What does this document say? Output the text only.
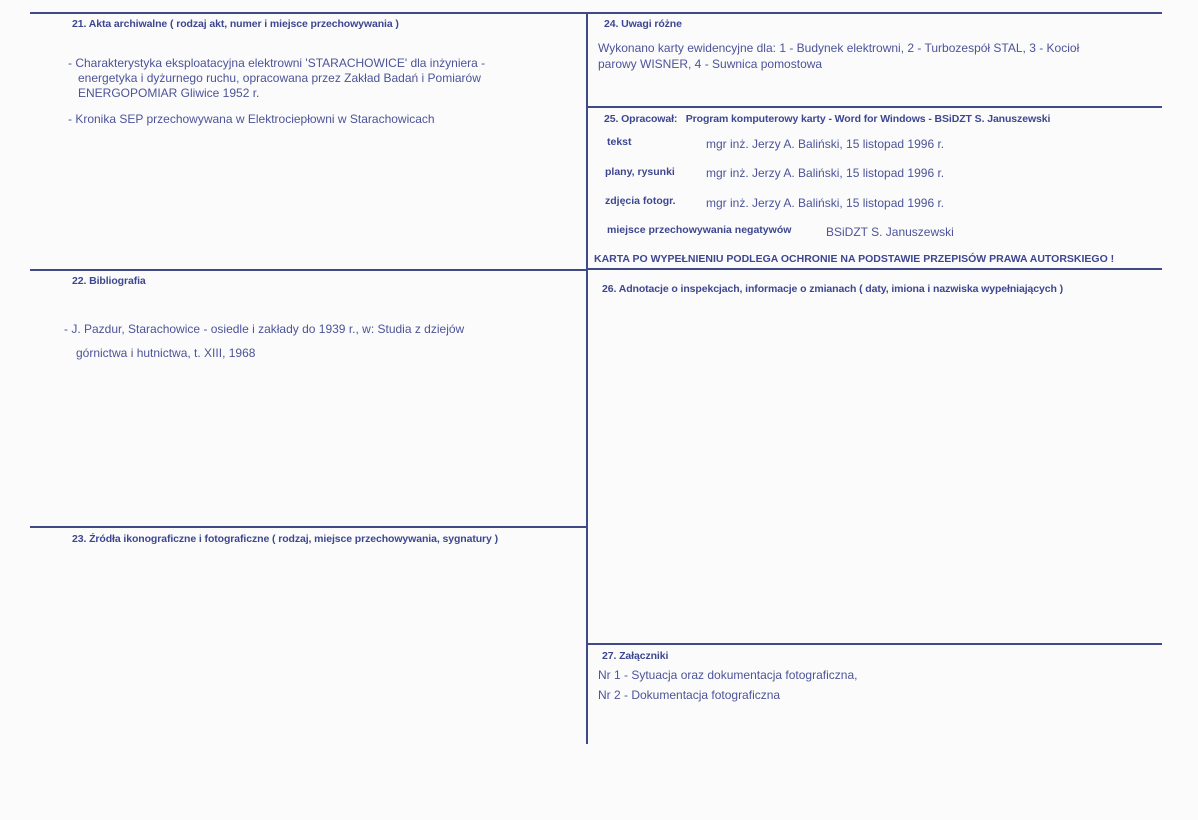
21. Akta archiwalne ( rodzaj akt, numer i miejsce przechowywania )
- Charakterystyka eksploatacyjna elektrowni 'STARACHOWICE' dla inżyniera -
energetyka i dyżurnego ruchu, opracowana przez Zakład Badań i Pomiarów
ENERGOPOMIAR Gliwice 1952 r.
- Kronika SEP przechowywana w Elektrociepłowni w Starachowicach
22. Bibliografia
- J. Pazdur, Starachowice - osiedle i zakłady do 1939 r., w: Studia z dziejów
górnictwa i hutnictwa, t. XIII, 1968
23. Źródła ikonograficzne i fotograficzne ( rodzaj, miejsce przechowywania, sygnatury )
24. Uwagi różne
Wykonano karty ewidencyjne dla: 1 - Budynek elektrowni, 2 - Turbozespół STAL, 3 - Kocioł
parowy WISNER, 4 - Suwnica pomostowa
25. Opracował:   Program komputerowy karty - Word for Windows - BSiDZT S. Januszewski
tekst	mgr inż. Jerzy A. Baliński, 15 listopad 1996 r.
plany, rysunki	mgr inż. Jerzy A. Baliński, 15 listopad 1996 r.
zdjęcia fotogr.	mgr inż. Jerzy A. Baliński, 15 listopad 1996 r.
miejsce przechowywania negatywów	BSiDZT S. Januszewski
KARTA PO WYPEŁNIENIU PODLEGA OCHRONIE NA PODSTAWIE PRZEPISÓW PRAWA AUTORSKIEGO !
26. Adnotacje o inspekcjach, informacje o zmianach ( daty, imiona i nazwiska wypełniających )
27. Załączniki
Nr 1 - Sytuacja oraz dokumentacja fotograficzna,
Nr 2 - Dokumentacja fotograficzna
